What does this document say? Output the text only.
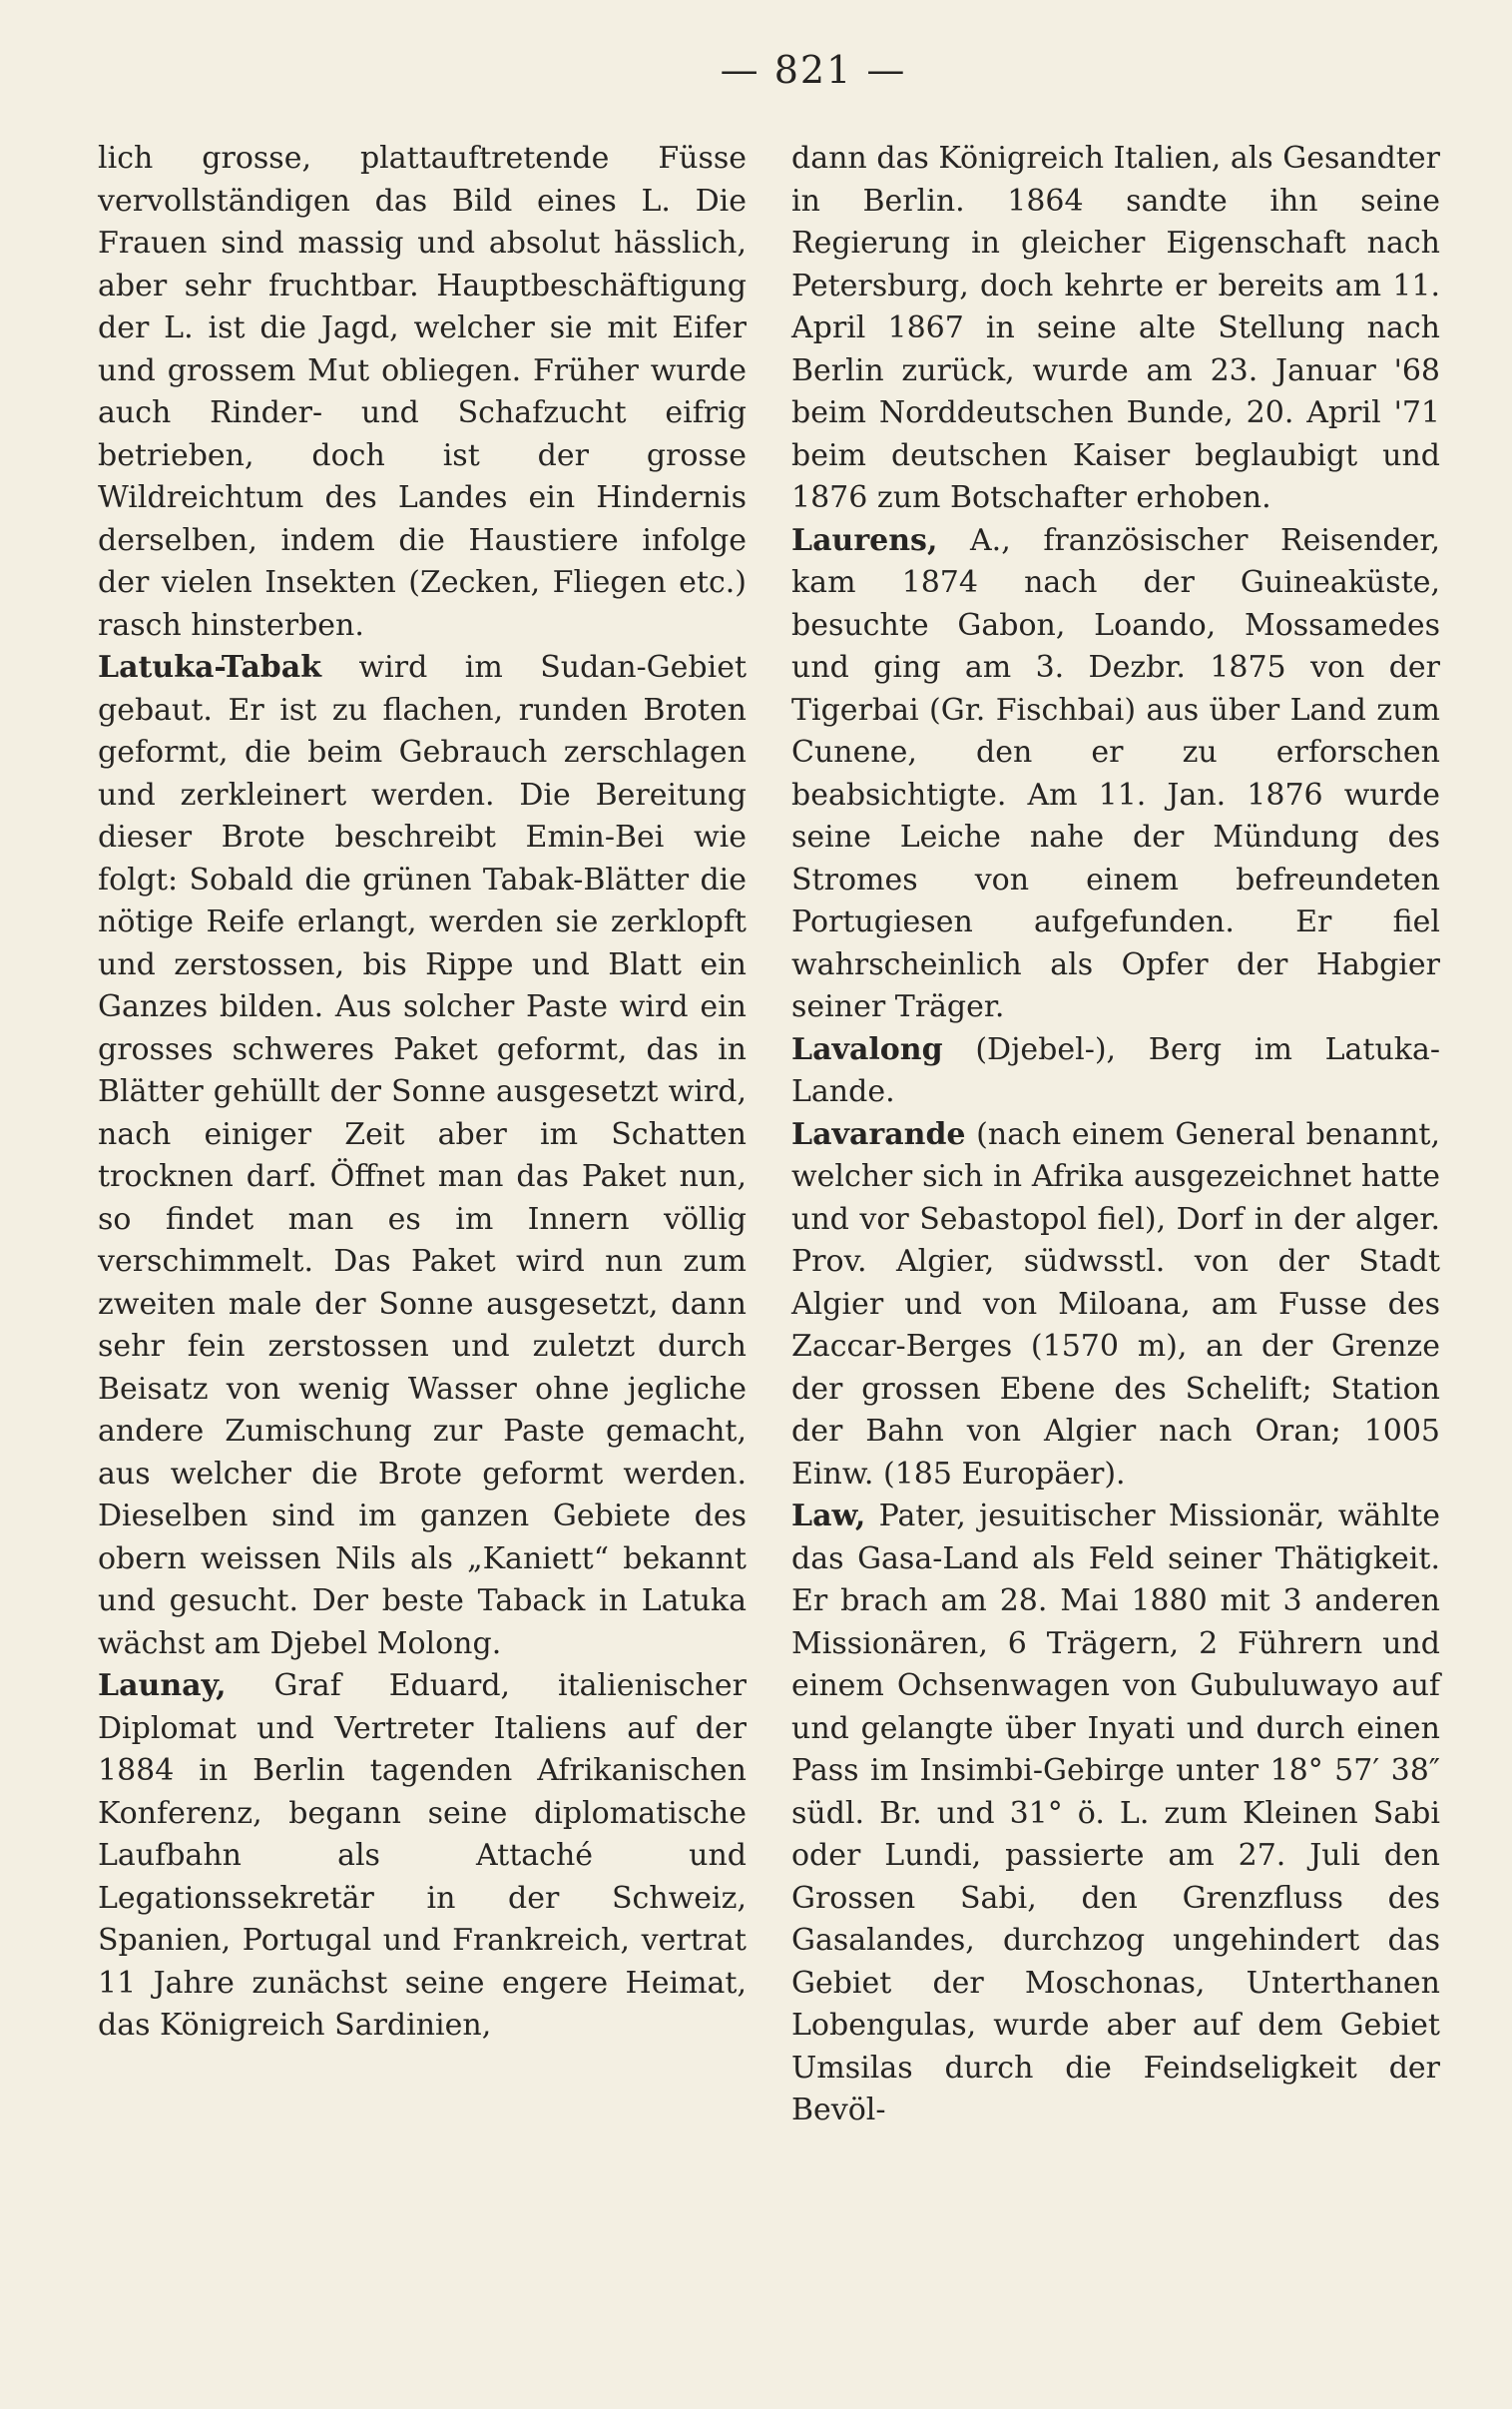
— 821 —

lich grosse, plattauftretende Füsse vervollständigen das Bild eines L. Die Frauen sind massig und absolut hässlich, aber sehr fruchtbar. Hauptbeschäftigung der L. ist die Jagd, welcher sie mit Eifer und grossem Mut obliegen. Früher wurde auch Rinder- und Schafzucht eifrig betrieben, doch ist der grosse Wildreichtum des Landes ein Hindernis derselben, indem die Haustiere infolge der vielen Insekten (Zecken, Fliegen etc.) rasch hinsterben.

Latuka-Tabak wird im Sudan-Gebiet gebaut. Er ist zu flachen, runden Broten geformt, die beim Gebrauch zerschlagen und zerkleinert werden. Die Bereitung dieser Brote beschreibt Emin-Bei wie folgt: Sobald die grünen Tabak-Blätter die nötige Reife erlangt, werden sie zerklopft und zerstossen, bis Rippe und Blatt ein Ganzes bilden. Aus solcher Paste wird ein grosses schweres Paket geformt, das in Blätter gehüllt der Sonne ausgesetzt wird, nach einiger Zeit aber im Schatten trocknen darf. Öffnet man das Paket nun, so findet man es im Innern völlig verschimmelt. Das Paket wird nun zum zweiten male der Sonne ausgesetzt, dann sehr fein zerstossen und zuletzt durch Beisatz von wenig Wasser ohne jegliche andere Zumischung zur Paste gemacht, aus welcher die Brote geformt werden. Dieselben sind im ganzen Gebiete des obern weissen Nils als „Kaniett“ bekannt und gesucht. Der beste Taback in Latuka wächst am Djebel Molong.

Launay, Graf Eduard, italienischer Diplomat und Vertreter Italiens auf der 1884 in Berlin tagenden Afrikanischen Konferenz, begann seine diplomatische Laufbahn als Attaché und Legationssekretär in der Schweiz, Spanien, Portugal und Frankreich, vertrat 11 Jahre zunächst seine engere Heimat, das Königreich Sardinien,

dann das Königreich Italien, als Gesandter in Berlin. 1864 sandte ihn seine Regierung in gleicher Eigenschaft nach Petersburg, doch kehrte er bereits am 11. April 1867 in seine alte Stellung nach Berlin zurück, wurde am 23. Januar '68 beim Norddeutschen Bunde, 20. April '71 beim deutschen Kaiser beglaubigt und 1876 zum Botschafter erhoben.

Laurens, A., französischer Reisender, kam 1874 nach der Guineaküste, besuchte Gabon, Loando, Mossamedes und ging am 3. Dezbr. 1875 von der Tigerbai (Gr. Fischbai) aus über Land zum Cunene, den er zu erforschen beabsichtigte. Am 11. Jan. 1876 wurde seine Leiche nahe der Mündung des Stromes von einem befreundeten Portugiesen aufgefunden. Er fiel wahrscheinlich als Opfer der Habgier seiner Träger.

Lavalong (Djebel-), Berg im Latuka-Lande.

Lavarande (nach einem General benannt, welcher sich in Afrika ausgezeichnet hatte und vor Sebastopol fiel), Dorf in der alger. Prov. Algier, südwsstl. von der Stadt Algier und von Miloana, am Fusse des Zaccar-Berges (1570 m), an der Grenze der grossen Ebene des Schelift; Station der Bahn von Algier nach Oran; 1005 Einw. (185 Europäer).

Law, Pater, jesuitischer Missionär, wählte das Gasa-Land als Feld seiner Thätigkeit. Er brach am 28. Mai 1880 mit 3 anderen Missionären, 6 Trägern, 2 Führern und einem Ochsenwagen von Gubuluwayo auf und gelangte über Inyati und durch einen Pass im Insimbi-Gebirge unter 18° 57′ 38″ südl. Br. und 31° ö. L. zum Kleinen Sabi oder Lundi, passierte am 27. Juli den Grossen Sabi, den Grenzfluss des Gasalandes, durchzog ungehindert das Gebiet der Moschonas, Unterthanen Lobengulas, wurde aber auf dem Gebiet Umsilas durch die Feindseligkeit der Bevöl-
